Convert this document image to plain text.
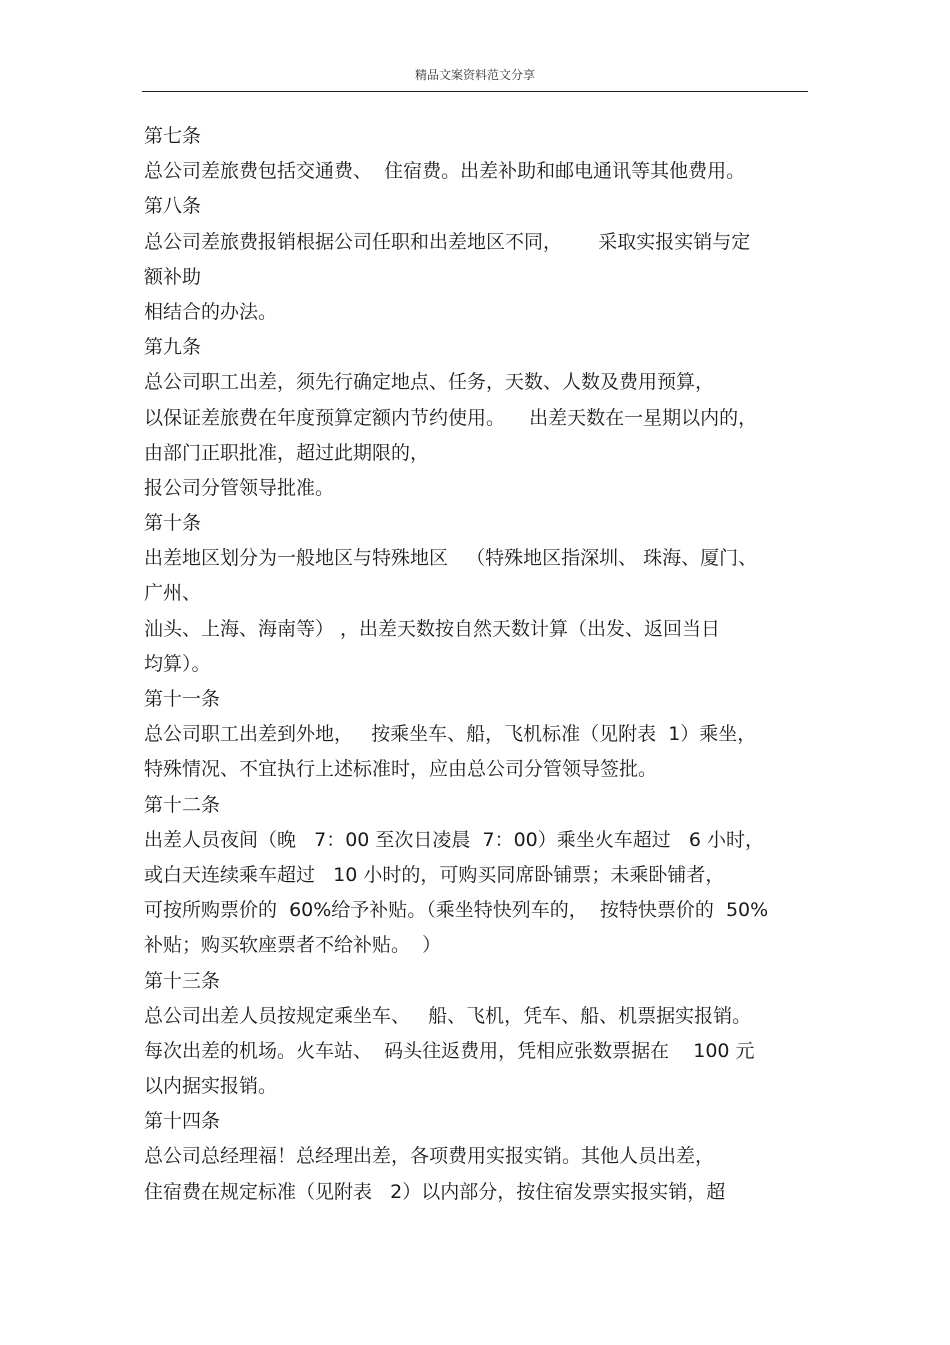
精品文案资料范文分享
第七条
总公司差旅费包括交通费、  住宿费。出差补助和邮电通讯等其他费用。
第八条
总公司差旅费报销根据公司任职和出差地区不同，      采取实报实销与定
额补助
相结合的办法。
第九条
总公司职工出差，须先行确定地点、任务，天数、人数及费用预算，
以保证差旅费在年度预算定额内节约使用。    出差天数在一星期以内的，
由部门正职批准，超过此期限的，
报公司分管领导批准。
第十条
出差地区划分为一般地区与特殊地区   （特殊地区指深圳、 珠海、厦门、
广州、
汕头、上海、海南等） ，出差天数按自然天数计算（出发、返回当日
均算）。
第十一条
总公司职工出差到外地，   按乘坐车、船，飞机标准（见附表  1）乘坐，
特殊情况、不宜执行上述标准时，应由总公司分管领导签批。
第十二条
出差人员夜间（晚   7：00 至次日凌晨  7：00）乘坐火车超过   6 小时，
或白天连续乘车超过   10 小时的，可购买同席卧铺票；未乘卧铺者，
可按所购票价的  60%给予补贴。（乘坐特快列车的，  按特快票价的  50%
补贴；购买软座票者不给补贴。  ）
第十三条
总公司出差人员按规定乘坐车、   船、飞机，凭车、船、机票据实报销。
每次出差的机场。火车站、  码头往返费用，凭相应张数票据在    100 元
以内据实报销。
第十四条
总公司总经理福！总经理出差，各项费用实报实销。其他人员出差，
住宿费在规定标准（见附表   2）以内部分，按住宿发票实报实销，超
